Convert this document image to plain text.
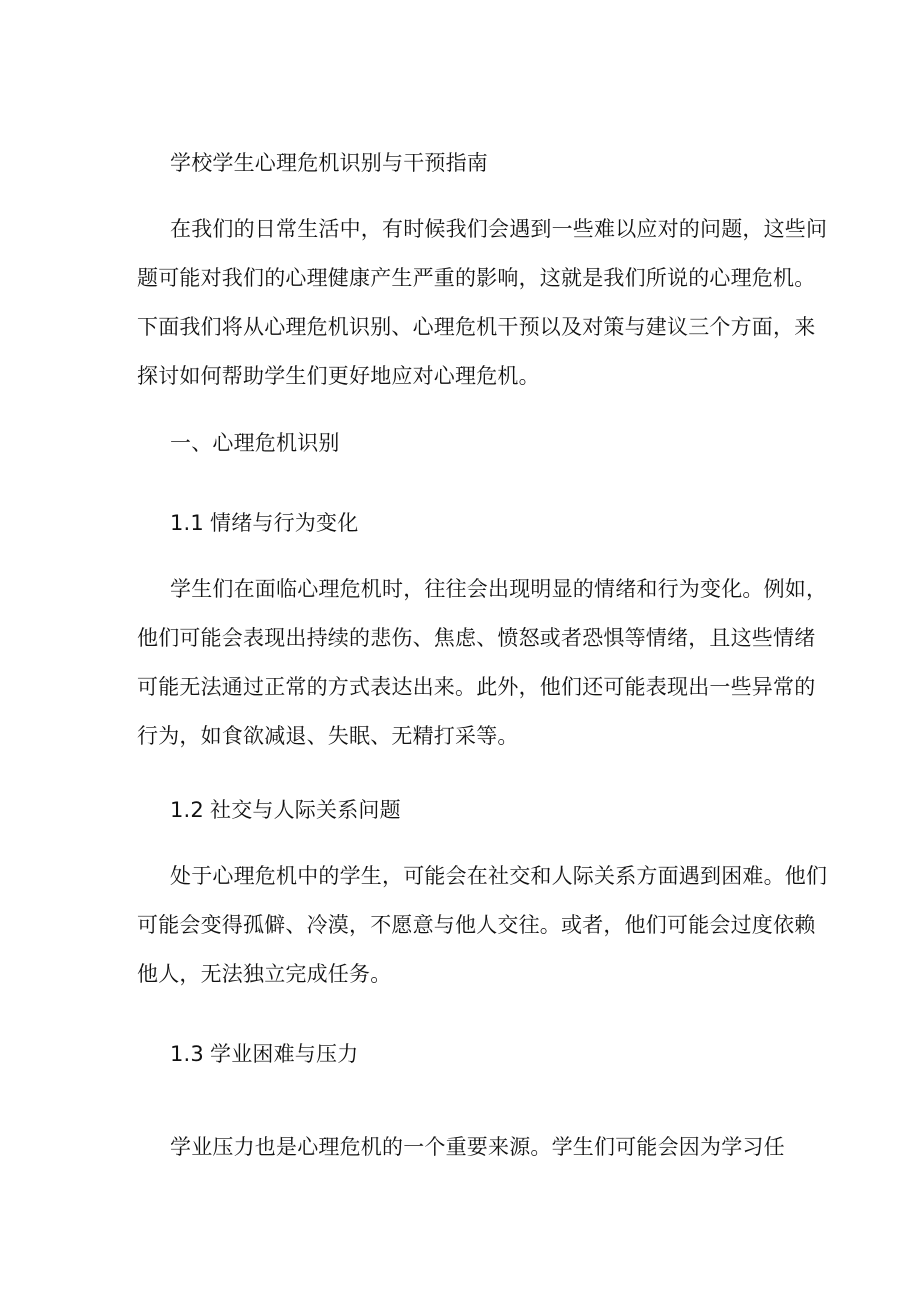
学校学生心理危机识别与干预指南
在我们的日常生活中，有时候我们会遇到一些难以应对的问题，这些问
题可能对我们的心理健康产生严重的影响，这就是我们所说的心理危机。
下面我们将从心理危机识别、心理危机干预以及对策与建议三个方面，来
探讨如何帮助学生们更好地应对心理危机。
一、心理危机识别
1.1 情绪与行为变化
学生们在面临心理危机时，往往会出现明显的情绪和行为变化。例如，
他们可能会表现出持续的悲伤、焦虑、愤怒或者恐惧等情绪，且这些情绪
可能无法通过正常的方式表达出来。此外，他们还可能表现出一些异常的
行为，如食欲减退、失眠、无精打采等。
1.2 社交与人际关系问题
处于心理危机中的学生，可能会在社交和人际关系方面遇到困难。他们
可能会变得孤僻、冷漠，不愿意与他人交往。或者，他们可能会过度依赖
他人，无法独立完成任务。
1.3 学业困难与压力
学业压力也是心理危机的一个重要来源。学生们可能会因为学习任
